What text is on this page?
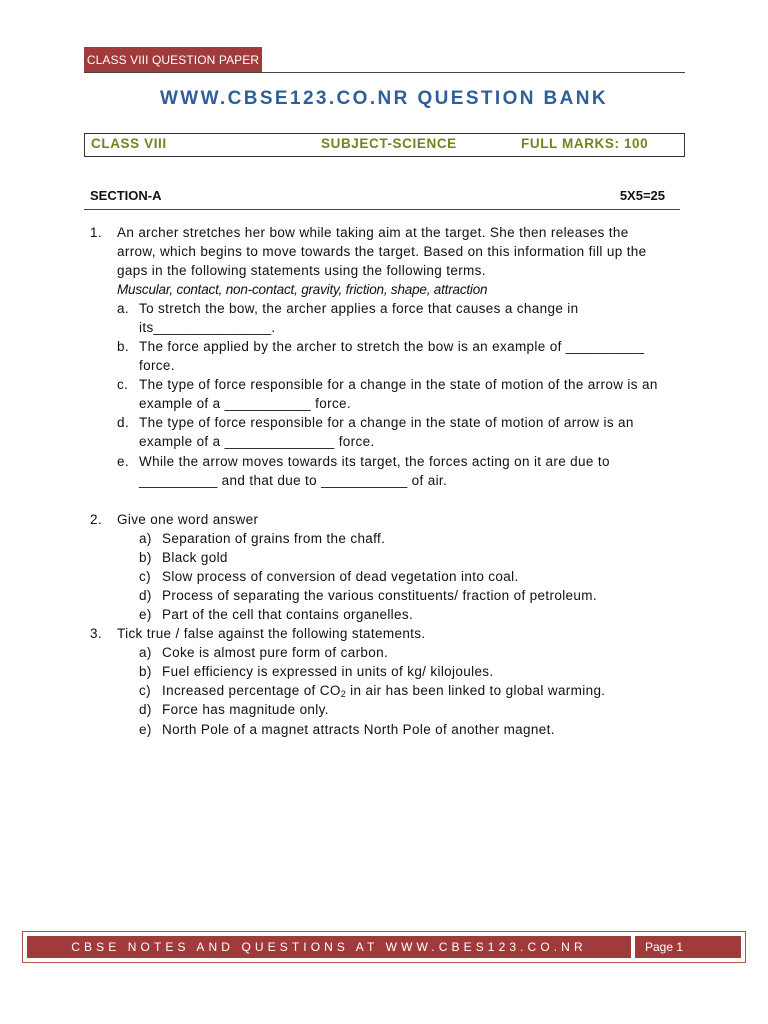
CLASS VIII QUESTION PAPER
WWW.CBSE123.CO.NR QUESTION BANK
CLASS VIII	SUBJECT-SCIENCE	FULL MARKS: 100
SECTION-A	5X5=25
1. An archer stretches her bow while taking aim at the target. She then releases the
arrow, which begins to move towards the target. Based on this information fill up the
gaps in the following statements using the following terms.
Muscular, contact, non-contact, gravity, friction, shape, attraction
a. To stretch the bow, the archer applies a force that causes a change in
its_______________.
b. The force applied by the archer to stretch the bow is an example of __________
force.
c. The type of force responsible for a change in the state of motion of the arrow is an
example of a ___________ force.
d. The type of force responsible for a change in the state of motion of arrow is an
example of a ______________ force.
e. While the arrow moves towards its target, the forces acting on it are due to
__________ and that due to ___________ of air.
2. Give one word answer
a) Separation of grains from the chaff.
b) Black gold
c) Slow process of conversion of dead vegetation into coal.
d) Process of separating the various constituents/ fraction of petroleum.
e) Part of the cell that contains organelles.
3. Tick true / false against the following statements.
a) Coke is almost pure form of carbon.
b) Fuel efficiency is expressed in units of kg/ kilojoules.
c) Increased percentage of $CO_2$ in air has been linked to global warming.
d) Force has magnitude only.
e) North Pole of a magnet attracts North Pole of another magnet.
CBSE NOTES AND QUESTIONS AT WWW.CBES123.CO.NR	Page 1
